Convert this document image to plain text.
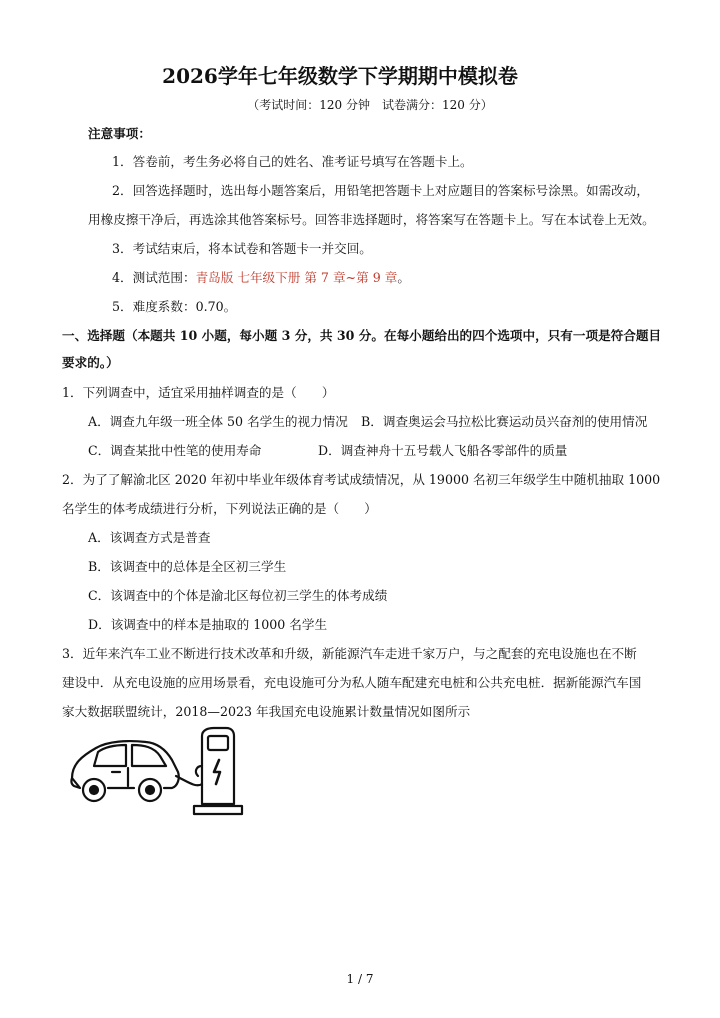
2026学年七年级数学下学期期中模拟卷
（考试时间：120 分钟　试卷满分：120 分）
注意事项：
1．答卷前，考生务必将自己的姓名、准考证号填写在答题卡上。
2．回答选择题时，选出每小题答案后，用铅笔把答题卡上对应题目的答案标号涂黑。如需改动，
用橡皮擦干净后，再选涂其他答案标号。回答非选择题时，将答案写在答题卡上。写在本试卷上无效。
3．考试结束后，将本试卷和答题卡一并交回。
4．测试范围：青岛版 七年级下册 第 7 章~第 9 章。
5．难度系数：0.70。
一、选择题（本题共 10 小题，每小题 3 分，共 30 分。在每小题给出的四个选项中，只有一项是符合题目
要求的。）
1．下列调查中，适宜采用抽样调查的是（　　）
A．调查九年级一班全体 50 名学生的视力情况 B．调查奥运会马拉松比赛运动员兴奋剂的使用情况
C．调查某批中性笔的使用寿命	D．调查神舟十五号载人飞船各零部件的质量
2．为了了解渝北区 2020 年初中毕业年级体育考试成绩情况，从 19000 名初三年级学生中随机抽取 1000
名学生的体考成绩进行分析，下列说法正确的是（　　）
A．该调查方式是普查
B．该调查中的总体是全区初三学生
C．该调查中的个体是渝北区每位初三学生的体考成绩
D．该调查中的样本是抽取的 1000 名学生
3．近年来汽车工业不断进行技术改革和升级，新能源汽车走进千家万户，与之配套的充电设施也在不断
建设中．从充电设施的应用场景看，充电设施可分为私人随车配建充电桩和公共充电桩．据新能源汽车国
家大数据联盟统计，2018—2023 年我国充电设施累计数量情况如图所示
1 / 7
